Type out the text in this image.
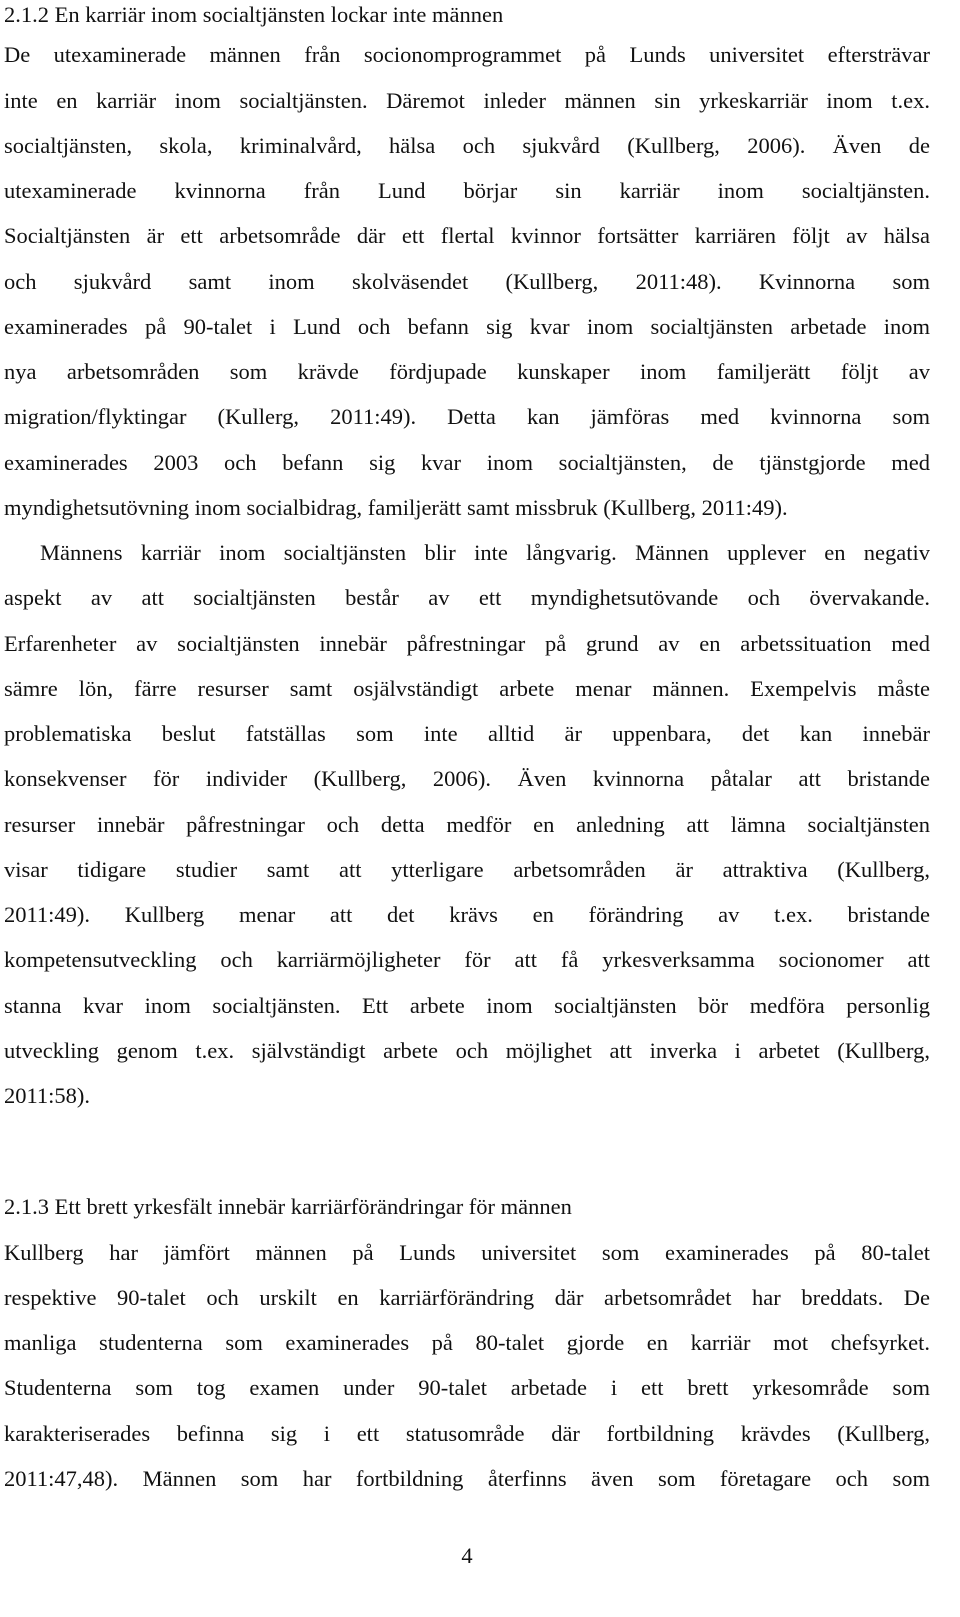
2.1.2 En karriär inom socialtjänsten lockar inte männen
De utexaminerade männen från socionomprogrammet på Lunds universitet eftersträvar
inte en karriär inom socialtjänsten. Däremot inleder männen sin yrkeskarriär inom t.ex.
socialtjänsten, skola, kriminalvård, hälsa och sjukvård (Kullberg, 2006). Även de
utexaminerade kvinnorna från Lund börjar sin karriär inom socialtjänsten.
Socialtjänsten är ett arbetsområde där ett flertal kvinnor fortsätter karriären följt av hälsa
och sjukvård samt inom skolväsendet (Kullberg, 2011:48). Kvinnorna som
examinerades på 90-talet i Lund och befann sig kvar inom socialtjänsten arbetade inom
nya arbetsområden som krävde fördjupade kunskaper inom familjerätt följt av
migration/flyktingar (Kullerg, 2011:49). Detta kan jämföras med kvinnorna som
examinerades 2003 och befann sig kvar inom socialtjänsten, de tjänstgjorde med
myndighetsutövning inom socialbidrag, familjerätt samt missbruk (Kullberg, 2011:49).
Männens karriär inom socialtjänsten blir inte långvarig. Männen upplever en negativ
aspekt av att socialtjänsten består av ett myndighetsutövande och övervakande.
Erfarenheter av socialtjänsten innebär påfrestningar på grund av en arbetssituation med
sämre lön, färre resurser samt osjälvständigt arbete menar männen. Exempelvis måste
problematiska beslut fatställas som inte alltid är uppenbara, det kan innebär
konsekvenser för individer (Kullberg, 2006). Även kvinnorna påtalar att bristande
resurser innebär påfrestningar och detta medför en anledning att lämna socialtjänsten
visar tidigare studier samt att ytterligare arbetsområden är attraktiva (Kullberg,
2011:49). Kullberg menar att det krävs en förändring av t.ex. bristande
kompetensutveckling och karriärmöjligheter för att få yrkesverksamma socionomer att
stanna kvar inom socialtjänsten. Ett arbete inom socialtjänsten bör medföra personlig
utveckling genom t.ex. självständigt arbete och möjlighet att inverka i arbetet (Kullberg,
2011:58).
2.1.3 Ett brett yrkesfält innebär karriärförändringar för männen
Kullberg har jämfört männen på Lunds universitet som examinerades på 80-talet
respektive 90-talet och urskilt en karriärförändring där arbetsområdet har breddats. De
manliga studenterna som examinerades på 80-talet gjorde en karriär mot chefsyrket.
Studenterna som tog examen under 90-talet arbetade i ett brett yrkesområde som
karakteriserades befinna sig i ett statusområde där fortbildning krävdes (Kullberg,
2011:47,48). Männen som har fortbildning återfinns även som företagare och som
4
